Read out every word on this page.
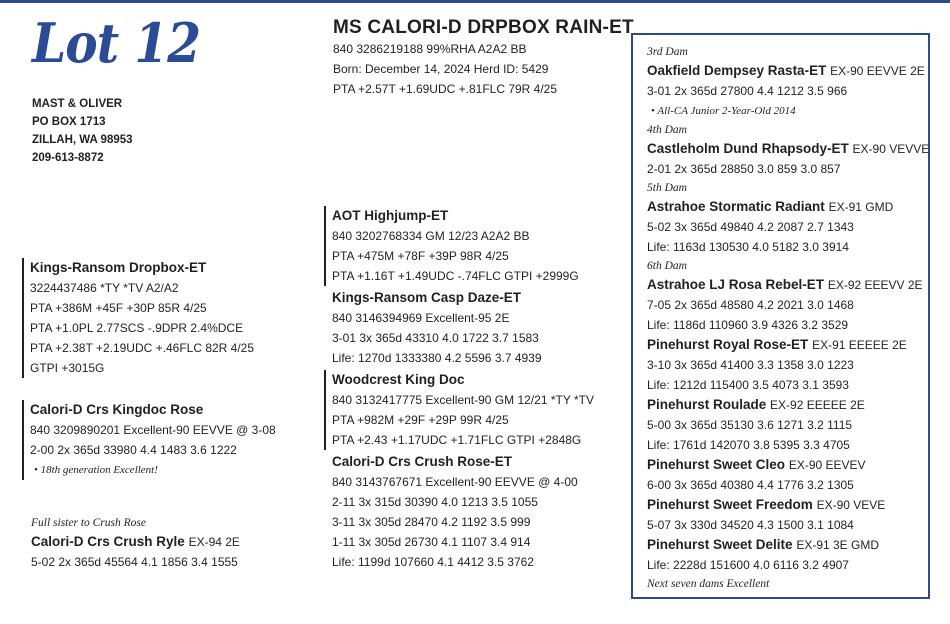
Lot 12
MAST & OLIVER
PO BOX 1713
ZILLAH, WA 98953
209-613-8872
MS CALORI-D DRPBOX RAIN-ET
840 3286219188 99%RHA A2A2 BB
Born: December 14, 2024 Herd ID: 5429
PTA +2.57T +1.69UDC +.81FLC 79R 4/25
Kings-Ransom Dropbox-ET
3224437486 *TY *TV A2/A2
PTA +386M +45F +30P 85R 4/25
PTA +1.0PL 2.77SCS -.9DPR 2.4%DCE
PTA +2.38T +2.19UDC +.46FLC 82R 4/25
GTPI +3015G
Calori-D Crs Kingdoc Rose
840 3209890201 Excellent-90 EEVVE @ 3-08
2-00 2x 365d 33980 4.4 1483 3.6 1222
• 18th generation Excellent!
Full sister to Crush Rose
Calori-D Crs Crush Ryle EX-94 2E
5-02 2x 365d 45564 4.1 1856 3.4 1555
AOT Highjump-ET
840 3202768334 GM 12/23 A2A2 BB
PTA +475M +78F +39P 98R 4/25
PTA +1.16T +1.49UDC -.74FLC GTPI +2999G
Kings-Ransom Casp Daze-ET
840 3146394969 Excellent-95 2E
3-01 3x 365d 43310 4.0 1722 3.7 1583
Life: 1270d 1333380 4.2 5596 3.7 4939
Woodcrest King Doc
840 3132417775 Excellent-90 GM 12/21 *TY *TV
PTA +982M +29F +29P 99R 4/25
PTA +2.43 +1.17UDC +1.71FLC GTPI +2848G
Calori-D Crs Crush Rose-ET
840 3143767671 Excellent-90 EEVVE @ 4-00
2-11 3x 315d 30390 4.0 1213 3.5 1055
3-11 3x 305d 28470 4.2 1192 3.5 999
1-11 3x 305d 26730 4.1 1107 3.4 914
Life: 1199d 107660 4.1 4412 3.5 3762
3rd Dam
Oakfield Dempsey Rasta-ET EX-90 EEVVE 2E
3-01 2x 365d 27800 4.4 1212 3.5 966
• All-CA Junior 2-Year-Old 2014
4th Dam
Castleholm Dund Rhapsody-ET EX-90 VEVVE
2-01 2x 365d 28850 3.0 859 3.0 857
5th Dam
Astrahoe Stormatic Radiant EX-91 GMD
5-02 3x 365d 49840 4.2 2087 2.7 1343
Life: 1163d 130530 4.0 5182 3.0 3914
6th Dam
Astrahoe LJ Rosa Rebel-ET EX-92 EEEVV 2E
7-05 2x 365d 48580 4.2 2021 3.0 1468
Life: 1186d 110960 3.9 4326 3.2 3529
Pinehurst Royal Rose-ET EX-91 EEEEE 2E
3-10 3x 365d 41400 3.3 1358 3.0 1223
Life: 1212d 115400 3.5 4073 3.1 3593
Pinehurst Roulade EX-92 EEEEE 2E
5-00 3x 365d 35130 3.6 1271 3.2 1115
Life: 1761d 142070 3.8 5395 3.3 4705
Pinehurst Sweet Cleo EX-90 EEVEV
6-00 3x 365d 40380 4.4 1776 3.2 1305
Pinehurst Sweet Freedom EX-90 VEVE
5-07 3x 330d 34520 4.3 1500 3.1 1084
Pinehurst Sweet Delite EX-91 3E GMD
Life: 2228d 151600 4.0 6116 3.2 4907
Next seven dams Excellent
